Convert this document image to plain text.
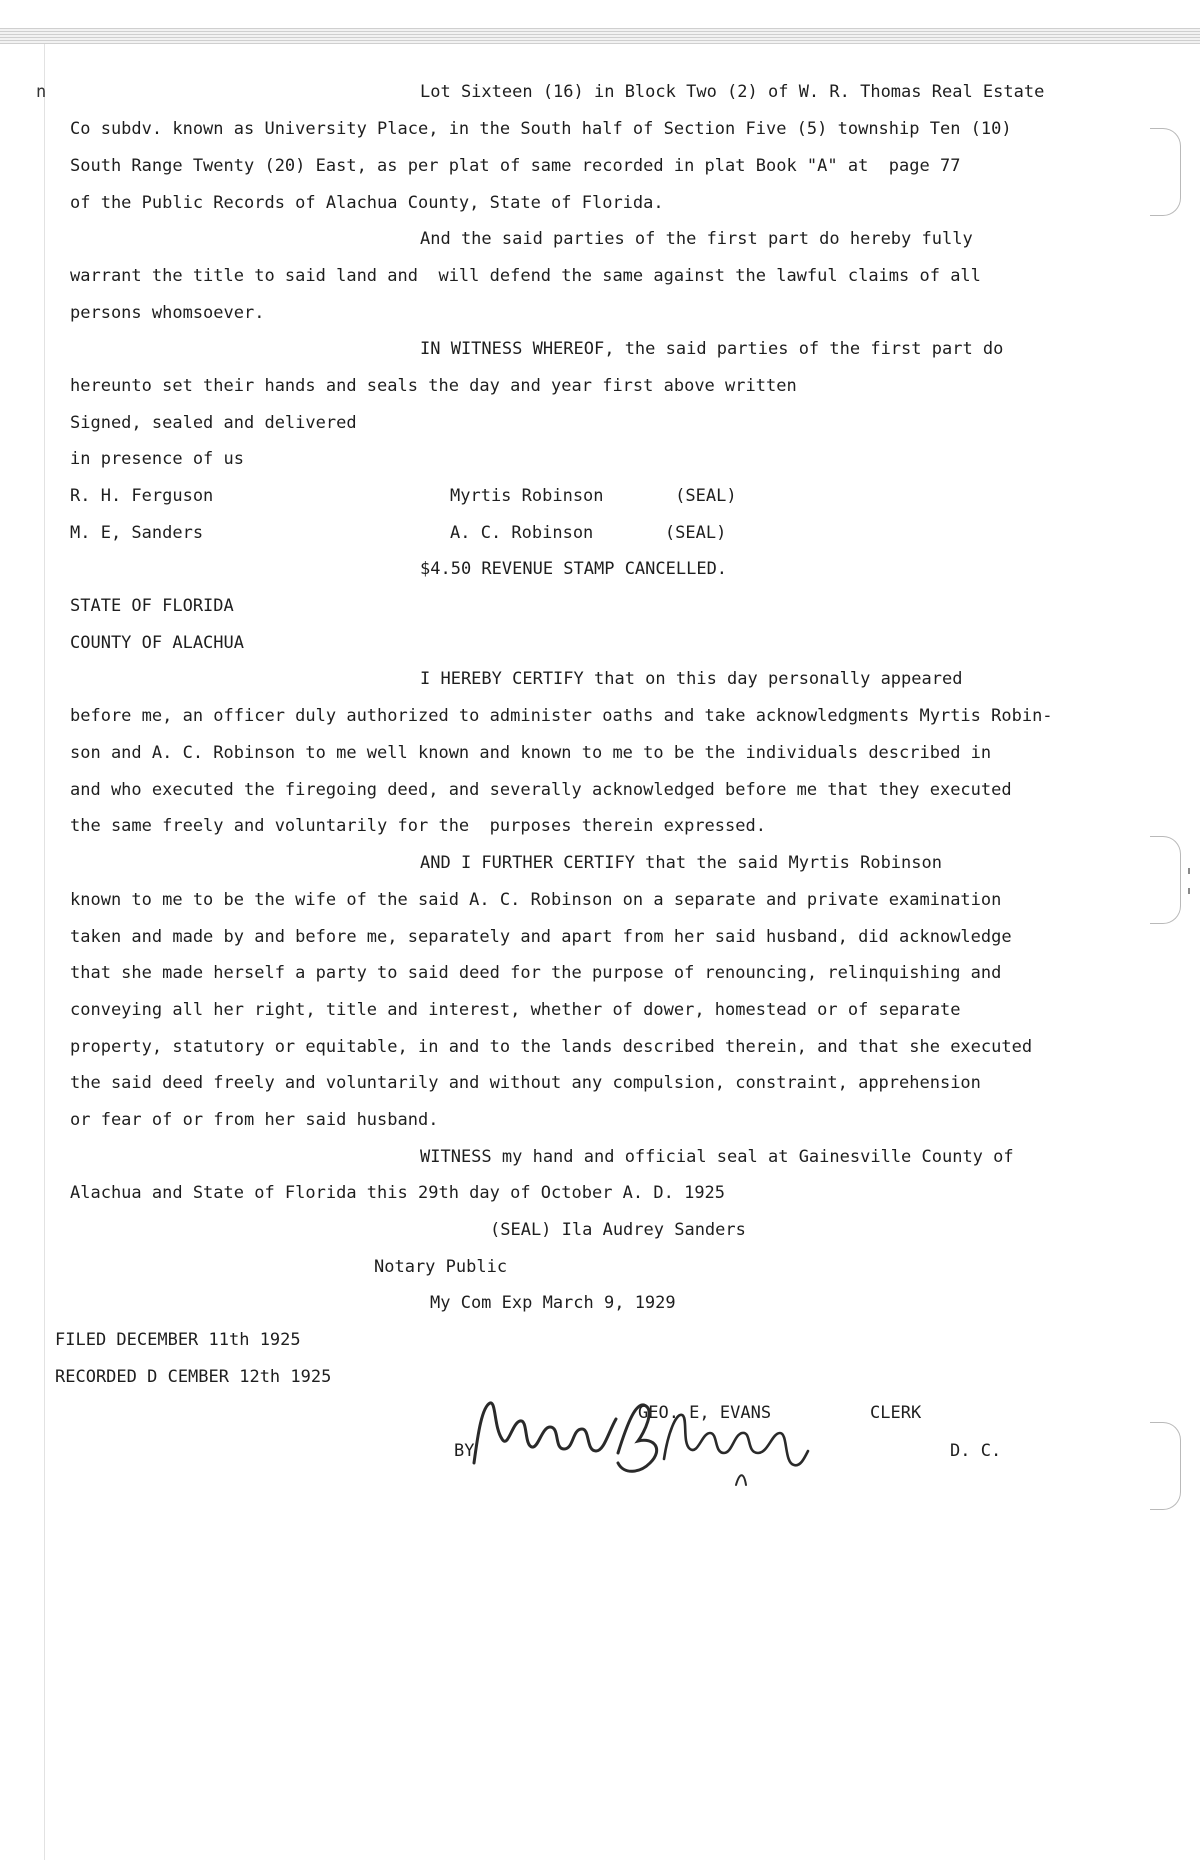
n	Lot Sixteen (16) in Block Two (2) of W. R. Thomas Real Estate
Co subdv. known as University Place, in the South half of Section Five (5) township Ten (10)
South Range Twenty (20) East, as per plat of same recorded in plat Book "A" at  page 77
of the Public Records of Alachua County, State of Florida.
And the said parties of the first part do hereby fully
warrant the title to said land and  will defend the same against the lawful claims of all
persons whomsoever.
IN WITNESS WHEREOF, the said parties of the first part do
hereunto set their hands and seals the day and year first above written
Signed, sealed and delivered
in presence of us
R. H. Ferguson	Myrtis Robinson       (SEAL)
M. E, Sanders	A. C. Robinson       (SEAL)
$4.50 REVENUE STAMP CANCELLED.
STATE OF FLORIDA
COUNTY OF ALACHUA
I HEREBY CERTIFY that on this day personally appeared
before me, an officer duly authorized to administer oaths and take acknowledgments Myrtis Robin-
son and A. C. Robinson to me well known and known to me to be the individuals described in
and who executed the firegoing deed, and severally acknowledged before me that they executed
the same freely and voluntarily for the  purposes therein expressed.
AND I FURTHER CERTIFY that the said Myrtis Robinson
known to me to be the wife of the said A. C. Robinson on a separate and private examination
taken and made by and before me, separately and apart from her said husband, did acknowledge
that she made herself a party to said deed for the purpose of renouncing, relinquishing and
conveying all her right, title and interest, whether of dower, homestead or of separate
property, statutory or equitable, in and to the lands described therein, and that she executed
the said deed freely and voluntarily and without any compulsion, constraint, apprehension
or fear of or from her said husband.
WITNESS my hand and official seal at Gainesville County of
Alachua and State of Florida this 29th day of October A. D. 1925
(SEAL) Ila Audrey Sanders
Notary Public
My Com Exp March 9, 1929
FILED DECEMBER 11th 1925
RECORDED D CEMBER 12th 1925
GEO. E, EVANS	CLERK
BY	D. C.
